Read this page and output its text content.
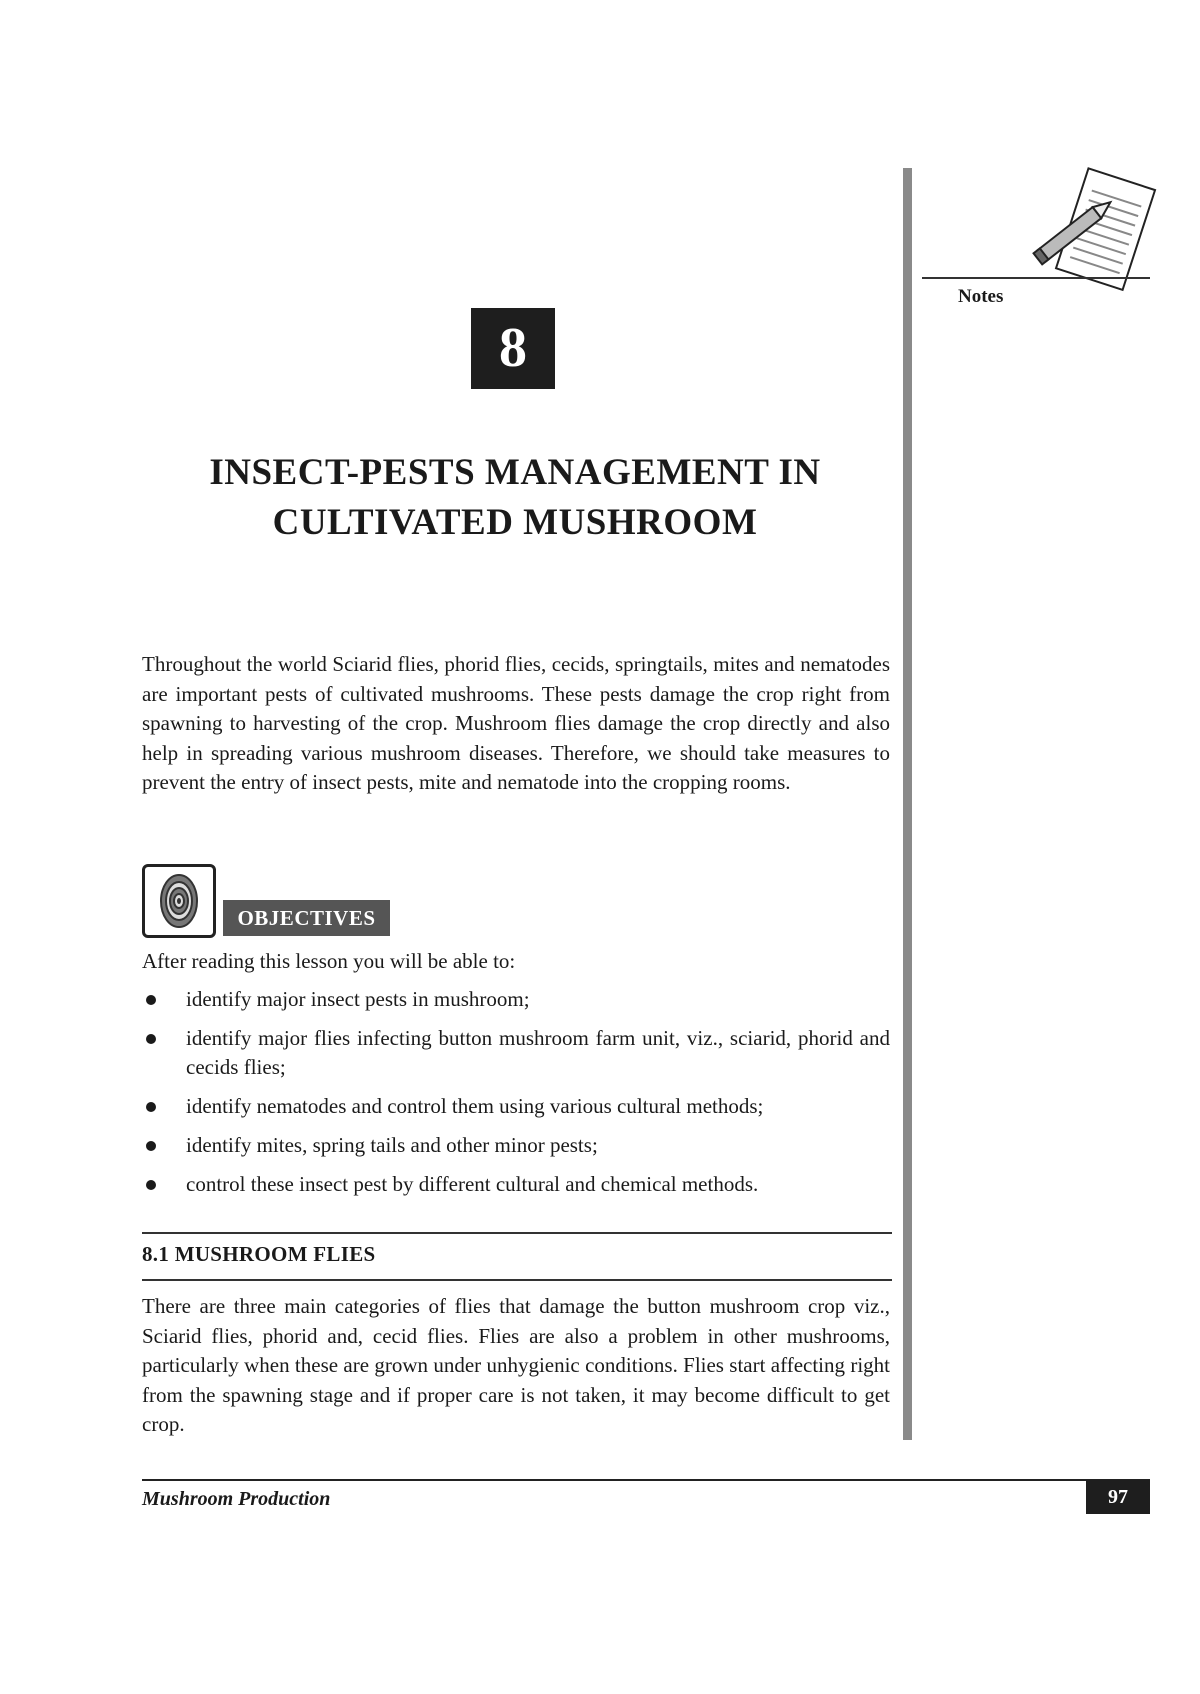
Notes
8
INSECT-PESTS MANAGEMENT IN
CULTIVATED MUSHROOM

Throughout the world Sciarid flies, phorid flies, cecids, springtails, mites and nematodes are important pests of cultivated mushrooms. These pests damage the crop right from spawning to harvesting of the crop. Mushroom flies damage the crop directly and also help in spreading various mushroom diseases. Therefore, we should take measures to prevent the entry of insect pests, mite and nematode into the cropping rooms.

OBJECTIVES

After reading this lesson you will be able to:

identify major insect pests in mushroom;
identify major flies infecting button mushroom farm unit, viz., sciarid, phorid and cecids flies;
identify nematodes and control them using various cultural methods;
identify mites, spring tails and other minor pests;
control these insect pest by different cultural and chemical methods.
8.1 MUSHROOM FLIES

There are three main categories of flies that damage the button mushroom crop viz., Sciarid flies, phorid and, cecid flies. Flies are also a problem in other mushrooms, particularly when these are grown under unhygienic conditions. Flies start affecting right from the spawning stage and if proper care is not taken, it may become difficult to get crop.

Mushroom Production	97
